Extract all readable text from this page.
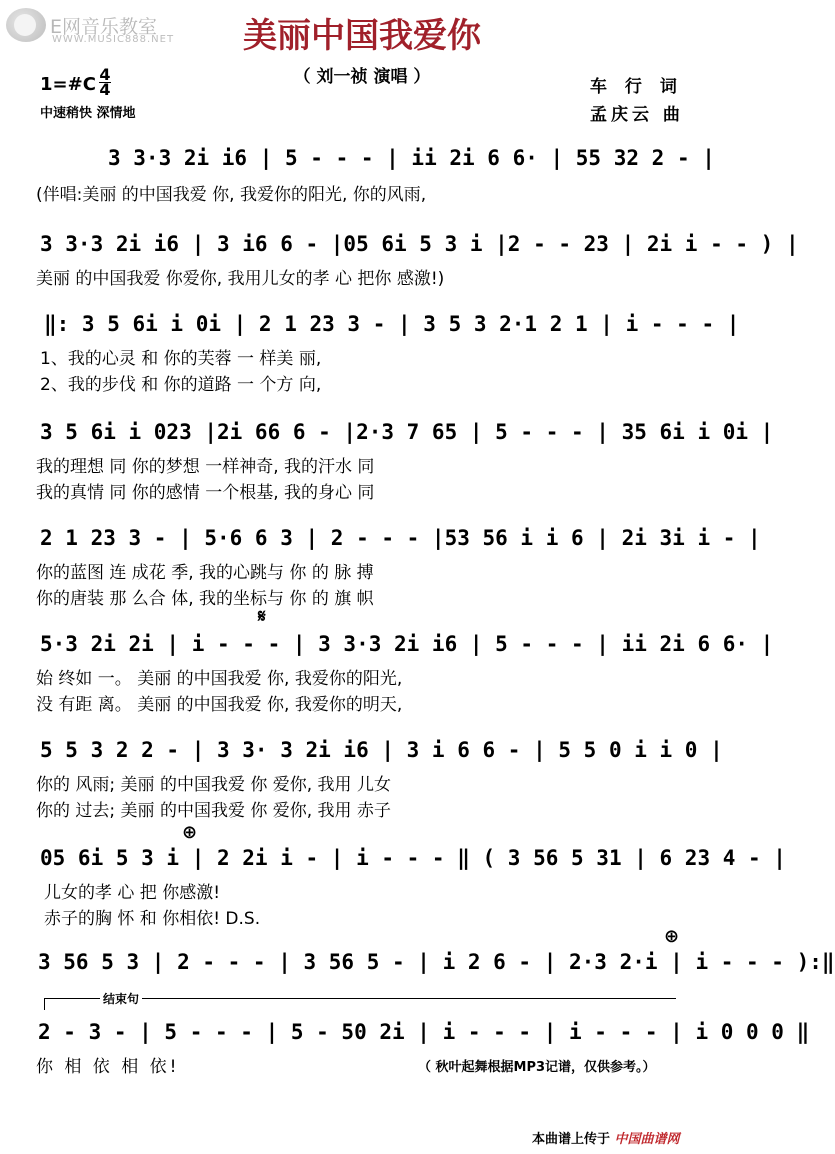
E网音乐教室
WWW.MUSIC888.NET	美丽中国我爱你
（ 刘一祯 演唱 ）	车 行 词
孟庆云 曲
1=#C 4
4
中速稍快 深情地
3 3·3 2i i6 | 5 - - - | ii 2i 6 6· | 55 32 2 - |
(伴唱:美丽 的中国我爱 你, 我爱你的阳光, 你的风雨,
3 3·3 2i i6 | 3 i6 6 - |05 6i 5 3 i |2 - - 23 | 2i i - - ) |
美丽 的中国我爱 你爱你, 我用儿女的孝 心 把你 感激!)
‖: 3 5 6i i 0i | 2 1 23 3 - | 3 5 3 2·1 2 1 | i - - - |
1、我的心灵 和 你的芙蓉 一 样美 丽,
2、我的步伐 和 你的道路 一 个方 向,
3 5 6i i 023 |2i 66 6 - |2·3 7 65 | 5 - - - | 35 6i i 0i |
我的理想 同 你的梦想 一样神奇, 我的汗水 同
我的真情 同 你的感情 一个根基, 我的身心 同
2 1 23 3 - | 5·6 6 3 | 2 - - - |53 56 i i 6 | 2i 3i i - |
你的蓝图 连 成花 季, 我的心跳与 你 的 脉 搏
你的唐装 那 么合 体, 我的坐标与 你 的 旗 帜
𝄋
5·3 2i 2i | i - - - | 3 3·3 2i i6 | 5 - - - | ii 2i 6 6· |
始 终如 一。 美丽 的中国我爱 你, 我爱你的阳光,
没 有距 离。 美丽 的中国我爱 你, 我爱你的明天,
5 5 3 2 2 - | 3 3· 3 2i i6 | 3 i 6 6 - | 5 5 0 i i 0 |
你的 风雨; 美丽 的中国我爱 你 爱你, 我用 儿女
你的 过去; 美丽 的中国我爱 你 爱你, 我用 赤子
⊕
05 6i 5 3 i | 2 2i i - | i - - - ‖ ( 3 56 5 31 | 6 23 4 - |
儿女的孝 心 把 你感激!
赤子的胸 怀 和 你相依! D.S.
⊕
3 56 5 3 | 2 - - - | 3 56 5 - | i 2 6 - | 2·3 2·i | i - - - ):‖
结束句
2 - 3 - | 5 - - - | 5 - 50 2i | i - - - | i - - - | i 0 0 0 ‖
你 相 依 相 依!	（ 秋叶起舞根据MP3记谱，仅供参考。）
本曲谱上传于 中国曲谱网
